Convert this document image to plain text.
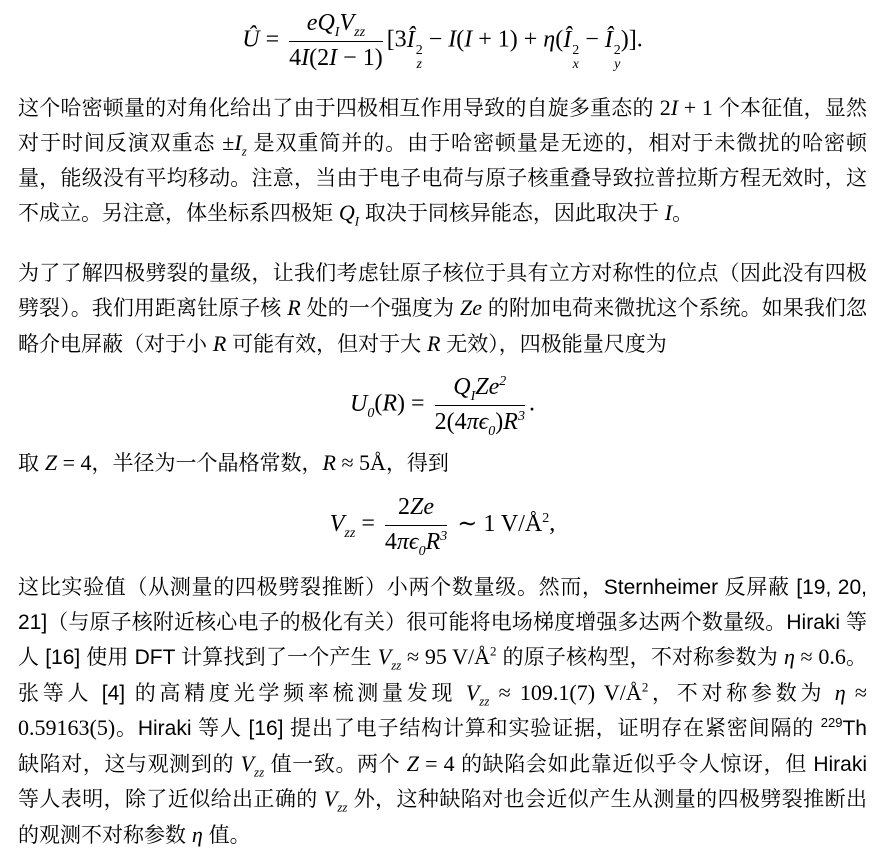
Û = $\frac{eQ_IV_{zz}}{4I(2I - 1)}$ [3Î 2
z
− I(I + 1) + η(Î 2
x
− Î 2
y
)].
这个哈密顿量的对角化给出了由于四极相互作用导致的自旋多重态的 2I + 1 个本征值，显然对于时间反演双重态 $\pm I_z$ 是双重简并的。由于哈密顿量是无迹的，相对于未微扰的哈密顿量，能级没有平均移动。注意，当由于电子电荷与原子核重叠导致拉普拉斯方程无效时，这不成立。另注意，体坐标系四极矩 $Q_I$ 取决于同核异能态，因此取决于 I。
为了了解四极劈裂的量级，让我们考虑钍原子核位于具有立方对称性的位点（因此没有四极劈裂）。我们用距离钍原子核 R 处的一个强度为 Ze 的附加电荷来微扰这个系统。如果我们忽略介电屏蔽（对于小 R 可能有效，但对于大 R 无效），四极能量尺度为
$U_0(R) = \frac{Q_IZe^2}{2(4\pi\epsilon_0)R^3}$ .
取 Z = 4，半径为一个晶格常数，R ≈ 5Å，得到
$V_{zz} = \frac{2Ze}{4\pi\epsilon_0R^3}$ ∼ 1 $V/Å^2$,
这比实验值（从测量的四极劈裂推断）小两个数量级。然而，Sternheimer 反屏蔽 [19, 20, 21]（与原子核附近核心电子的极化有关）很可能将电场梯度增强多达两个数量级。Hiraki 等人 [16] 使用 DFT 计算找到了一个产生 $V_{zz} \approx 95$ $V/Å^2$ 的原子核构型，不对称参数为 η ≈ 0.6。张等人 [4] 的高精度光学频率梳测量发现 $V_{zz} \approx 109.1(7)$ $V/Å^2$，不对称参数为 η ≈ 0.59163(5)。Hiraki 等人 [16] 提出了电子结构计算和实验证据，证明存在紧密间隔的 $^{229}$Th 缺陷对，这与观测到的 $V_{zz}$ 值一致。两个 Z = 4 的缺陷会如此靠近似乎令人惊讶，但 Hiraki 等人表明，除了近似给出正确的 $V_{zz}$ 外，这种缺陷对也会近似产生从测量的四极劈裂推断出的观测不对称参数 η 值。
